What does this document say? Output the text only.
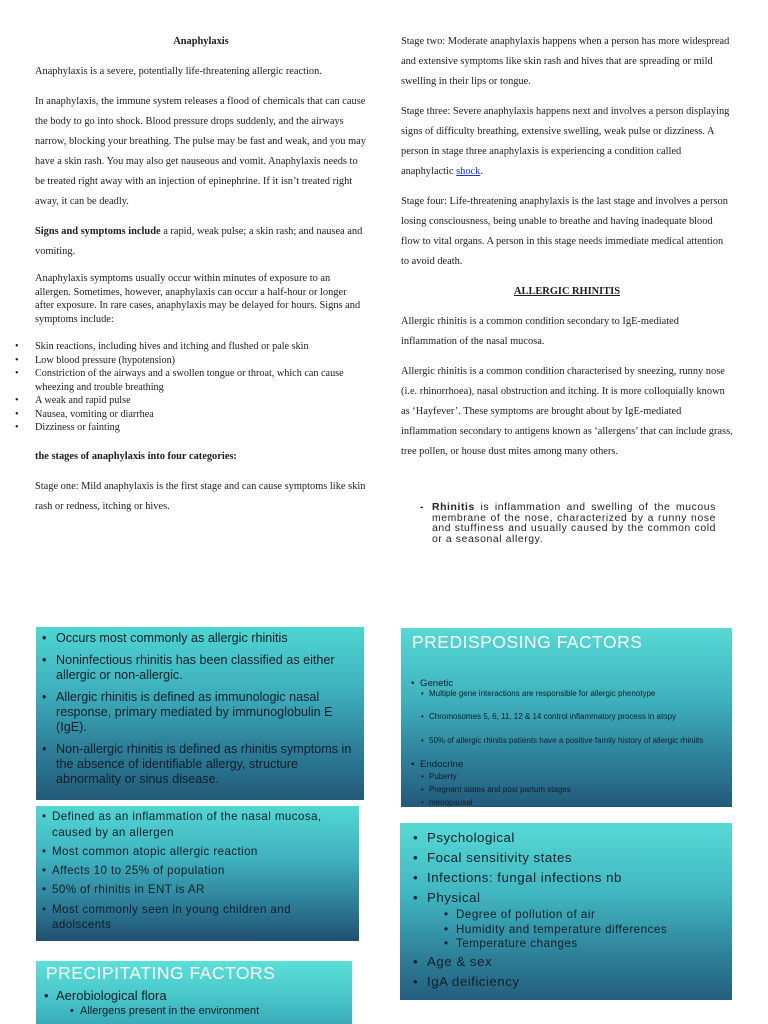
Anaphylaxis

Anaphylaxis is a severe, potentially life-threatening allergic reaction.

In anaphylaxis, the immune system releases a flood of chemicals that can cause the body to go into shock. Blood pressure drops suddenly, and the airways narrow, blocking your breathing. The pulse may be fast and weak, and you may have a skin rash. You may also get nauseous and vomit. Anaphylaxis needs to be treated right away with an injection of epinephrine. If it isn’t treated right away, it can be deadly.

Signs and symptoms include a rapid, weak pulse; a skin rash; and nausea and vomiting.

Anaphylaxis symptoms usually occur within minutes of exposure to an allergen. Sometimes, however, anaphylaxis can occur a half-hour or longer after exposure. In rare cases, anaphylaxis may be delayed for hours. Signs and symptoms include:

• Skin reactions, including hives and itching and flushed or pale skin
• Low blood pressure (hypotension)
• Constriction of the airways and a swollen tongue or throat, which can cause wheezing and trouble breathing
• A weak and rapid pulse
• Nausea, vomiting or diarrhea
• Dizziness or fainting

the stages of anaphylaxis into four categories:

Stage one: Mild anaphylaxis is the first stage and can cause symptoms like skin rash or redness, itching or hives.

Stage two: Moderate anaphylaxis happens when a person has more widespread and extensive symptoms like skin rash and hives that are spreading or mild swelling in their lips or tongue.

Stage three: Severe anaphylaxis happens next and involves a person displaying signs of difficulty breathing, extensive swelling, weak pulse or dizziness. A person in stage three anaphylaxis is experiencing a condition called anaphylactic shock.

Stage four: Life-threatening anaphylaxis is the last stage and involves a person losing consciousness, being unable to breathe and having inadequate blood flow to vital organs. A person in this stage needs immediate medical attention to avoid death.

ALLERGIC RHINITIS

Allergic rhinitis is a common condition secondary to IgE-mediated inflammation of the nasal mucosa.

Allergic rhinitis is a common condition characterised by sneezing, runny nose (i.e. rhinorrhoea), nasal obstruction and itching. It is more colloquially known as ‘Hayfever’. These symptoms are brought about by IgE-mediated inflammation secondary to antigens known as ‘allergens’ that can include grass, tree pollen, or house dust mites among many others.

- Rhinitis is inflammation and swelling of the mucous membrane of the nose, characterized by a runny nose and stuffiness and usually caused by the common cold or a seasonal allergy.
• Occurs most commonly as allergic rhinitis
• Noninfectious rhinitis has been classified as either allergic or non-allergic.
• Allergic rhinitis is defined as immunologic nasal response, primary mediated by immunoglobulin E (IgE).
• Non-allergic rhinitis is defined as rhinitis symptoms in the absence of identifiable allergy, structure abnormality or sinus disease.
• Defined as an inflammation of the nasal mucosa, caused by an allergen
• Most common atopic allergic reaction
• Affects 10 to 25% of population
• 50% of rhinitis in ENT is AR
• Most commonly seen in young children and adolscents
PRECIPITATING FACTORS
• Aerobiological flora
• Allergens present in the environment
PREDISPOSING FACTORS
• Genetic
• Multiple gene interactions are responsible for allergic phenotype
• Chromosomes 5, 6, 11, 12 & 14 control inflammatory process in atopy
• 50% of allergic rhinitis patients have a positive family history of allergic rhiniits
• Endocrine
• Puberty
• Pregnant states and post partum stages
• menopausal
• Psychological
• Focal sensitivity states
• Infections: fungal infections nb
• Physical
• Degree of pollution of air
• Humidity and temperature differences
• Temperature changes
• Age & sex
• IgA deificiency
